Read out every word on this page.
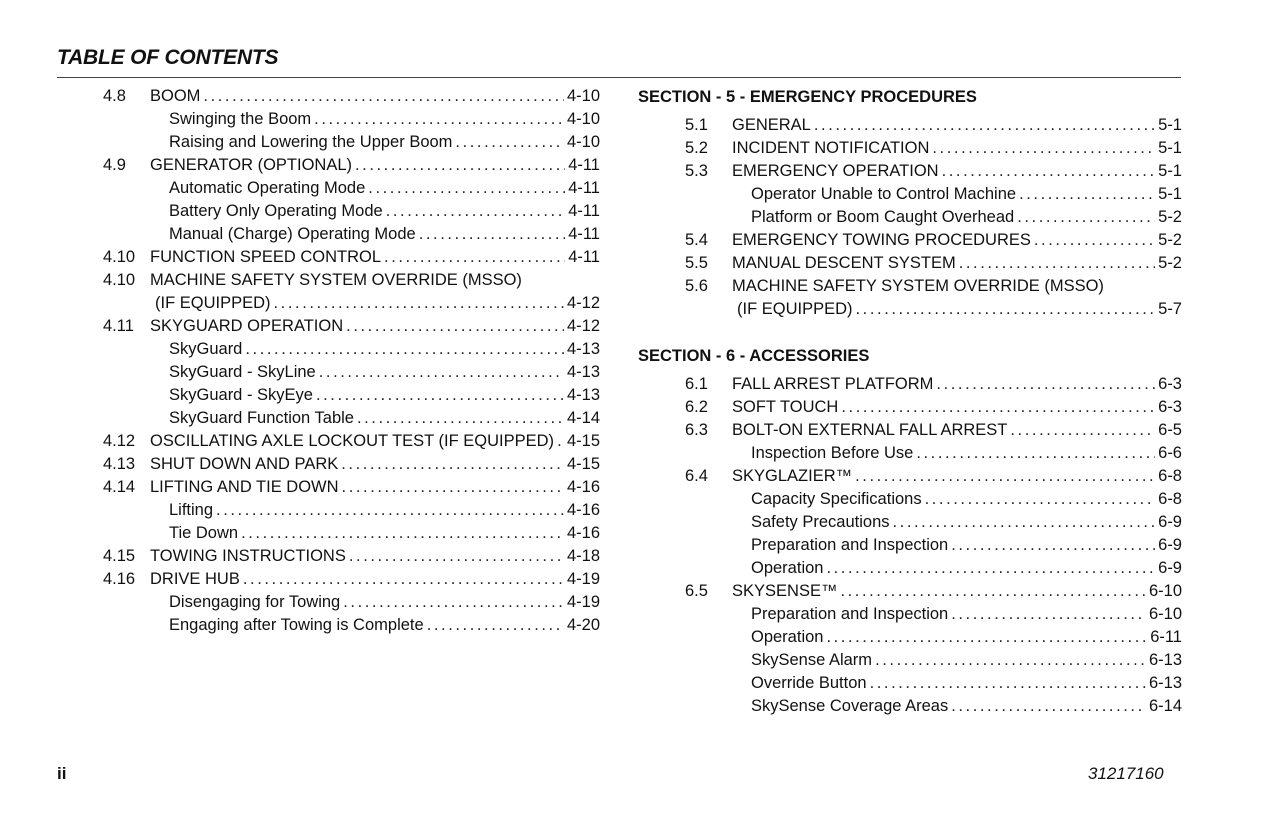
TABLE OF CONTENTS
4.8	BOOM . . .	4-10
Swinging the Boom . . .	4-10
Raising and Lowering the Upper Boom . . .	4-10
4.9	GENERATOR (OPTIONAL) . . .	4-11
Automatic Operating Mode . . .	4-11
Battery Only Operating Mode . . .	4-11
Manual (Charge) Operating Mode . . .	4-11
4.10 FUNCTION SPEED CONTROL . . .	4-11
4.10 MACHINE SAFETY SYSTEM OVERRIDE (MSSO)
(IF EQUIPPED) . . .	4-12
4.11 SKYGUARD OPERATION . . .	4-12
SkyGuard . . .	4-13
SkyGuard - SkyLine . . .	4-13
SkyGuard - SkyEye . . .	4-13
SkyGuard Function Table . . .	4-14
4.12 OSCILLATING AXLE LOCKOUT TEST (IF EQUIPPED) . . . 4-15
4.13 SHUT DOWN AND PARK . . .	4-15
4.14 LIFTING AND TIE DOWN . . .	4-16
Lifting . . .	4-16
Tie Down . . .	4-16
4.15 TOWING INSTRUCTIONS . . .	4-18
4.16 DRIVE HUB . . .	4-19
Disengaging for Towing . . .	4-19
Engaging after Towing is Complete . . .	4-20
SECTION - 5 - EMERGENCY PROCEDURES
5.1	GENERAL . . .	5-1
5.2	INCIDENT NOTIFICATION . . .	5-1
5.3	EMERGENCY OPERATION . . .	5-1
Operator Unable to Control Machine . . .	5-1
Platform or Boom Caught Overhead . . .	5-2
5.4	EMERGENCY TOWING PROCEDURES . . .	5-2
5.5	MANUAL DESCENT SYSTEM . . .	5-2
5.6	MACHINE SAFETY SYSTEM OVERRIDE (MSSO)
(IF EQUIPPED) . . .	5-7
SECTION - 6 - ACCESSORIES
6.1	FALL ARREST PLATFORM . . .	6-3
6.2	SOFT TOUCH . . .	6-3
6.3	BOLT-ON EXTERNAL FALL ARREST . . .	6-5
Inspection Before Use . . .	6-6
6.4	SKYGLAZIER™ . . .	6-8
Capacity Specifications . . .	6-8
Safety Precautions . . .	6-9
Preparation and Inspection . . .	6-9
Operation . . .	6-9
6.5	SKYSENSE™ . . .	6-10
Preparation and Inspection . . .	6-10
Operation . . .	6-11
SkySense Alarm . . .	6-13
Override Button . . .	6-13
SkySense Coverage Areas . . .	6-14
ii	31217160
